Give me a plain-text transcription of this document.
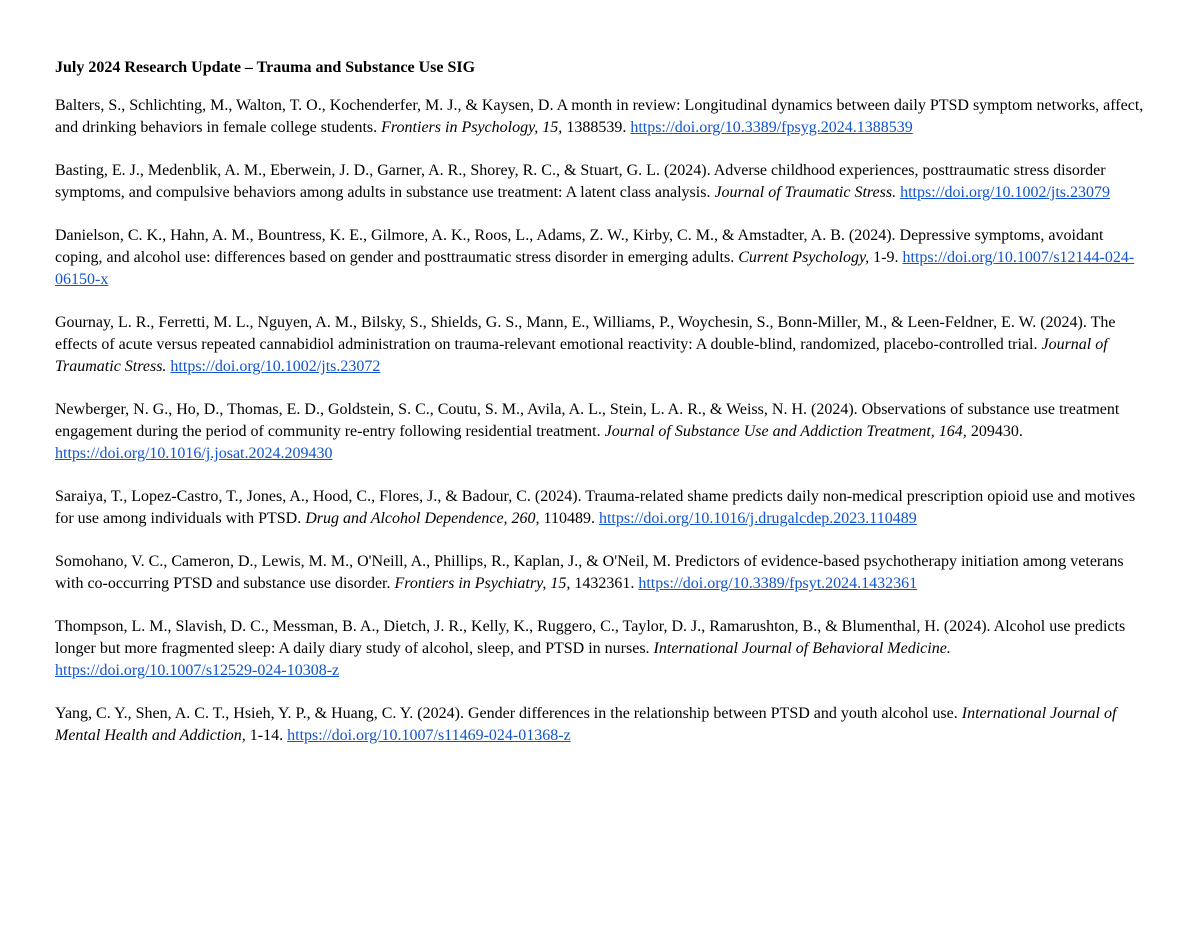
July 2024 Research Update – Trauma and Substance Use SIG

Balters, S., Schlichting, M., Walton, T. O., Kochenderfer, M. J., & Kaysen, D. A month in review: Longitudinal dynamics between daily PTSD symptom networks, affect, and drinking behaviors in female college students. Frontiers in Psychology, 15, 1388539. https://doi.org/10.3389/fpsyg.2024.1388539

Basting, E. J., Medenblik, A. M., Eberwein, J. D., Garner, A. R., Shorey, R. C., & Stuart, G. L. (2024). Adverse childhood experiences, posttraumatic stress disorder symptoms, and compulsive behaviors among adults in substance use treatment: A latent class analysis. Journal of Traumatic Stress. https://doi.org/10.1002/jts.23079

Danielson, C. K., Hahn, A. M., Bountress, K. E., Gilmore, A. K., Roos, L., Adams, Z. W., Kirby, C. M., & Amstadter, A. B. (2024). Depressive symptoms, avoidant coping, and alcohol use: differences based on gender and posttraumatic stress disorder in emerging adults. Current Psychology, 1-9. https://doi.org/10.1007/s12144-024-06150-x

Gournay, L. R., Ferretti, M. L., Nguyen, A. M., Bilsky, S., Shields, G. S., Mann, E., Williams, P., Woychesin, S., Bonn-Miller, M., & Leen-Feldner, E. W. (2024). The effects of acute versus repeated cannabidiol administration on trauma-relevant emotional reactivity: A double-blind, randomized, placebo-controlled trial. Journal of Traumatic Stress. https://doi.org/10.1002/jts.23072

Newberger, N. G., Ho, D., Thomas, E. D., Goldstein, S. C., Coutu, S. M., Avila, A. L., Stein, L. A. R., & Weiss, N. H. (2024). Observations of substance use treatment engagement during the period of community re-entry following residential treatment. Journal of Substance Use and Addiction Treatment, 164, 209430. https://doi.org/10.1016/j.josat.2024.209430

Saraiya, T., Lopez-Castro, T., Jones, A., Hood, C., Flores, J., & Badour, C. (2024). Trauma-related shame predicts daily non-medical prescription opioid use and motives for use among individuals with PTSD. Drug and Alcohol Dependence, 260, 110489. https://doi.org/10.1016/j.drugalcdep.2023.110489

Somohano, V. C., Cameron, D., Lewis, M. M., O'Neill, A., Phillips, R., Kaplan, J., & O'Neil, M. Predictors of evidence-based psychotherapy initiation among veterans with co-occurring PTSD and substance use disorder. Frontiers in Psychiatry, 15, 1432361. https://doi.org/10.3389/fpsyt.2024.1432361

Thompson, L. M., Slavish, D. C., Messman, B. A., Dietch, J. R., Kelly, K., Ruggero, C., Taylor, D. J., Ramarushton, B., & Blumenthal, H. (2024). Alcohol use predicts longer but more fragmented sleep: A daily diary study of alcohol, sleep, and PTSD in nurses. International Journal of Behavioral Medicine. https://doi.org/10.1007/s12529-024-10308-z

Yang, C. Y., Shen, A. C. T., Hsieh, Y. P., & Huang, C. Y. (2024). Gender differences in the relationship between PTSD and youth alcohol use. International Journal of Mental Health and Addiction, 1-14. https://doi.org/10.1007/s11469-024-01368-z
